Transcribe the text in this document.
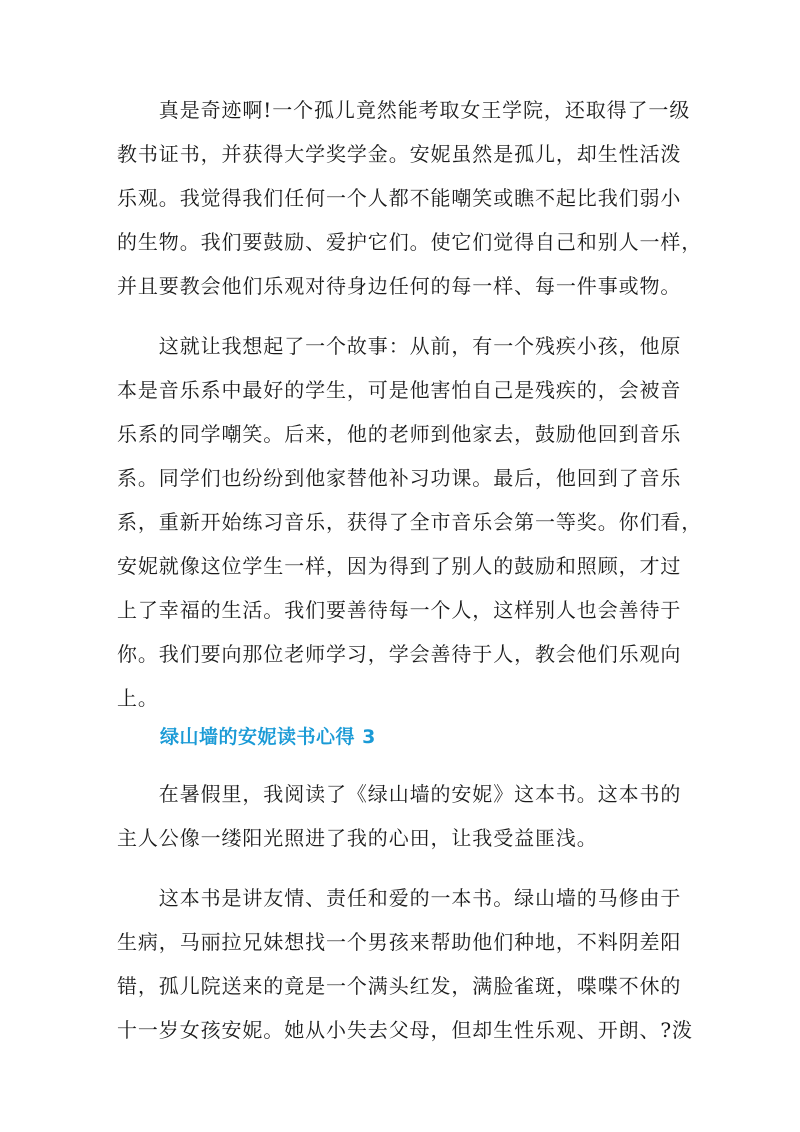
　　真是奇迹啊!一个孤儿竟然能考取女王学院，还取得了一级
教书证书，并获得大学奖学金。安妮虽然是孤儿，却生性活泼
乐观。我觉得我们任何一个人都不能嘲笑或瞧不起比我们弱小
的生物。我们要鼓励、爱护它们。使它们觉得自己和别人一样，
并且要教会他们乐观对待身边任何的每一样、每一件事或物。
　　这就让我想起了一个故事：从前，有一个残疾小孩，他原
本是音乐系中最好的学生，可是他害怕自己是残疾的，会被音
乐系的同学嘲笑。后来，他的老师到他家去，鼓励他回到音乐
系。同学们也纷纷到他家替他补习功课。最后，他回到了音乐
系，重新开始练习音乐，获得了全市音乐会第一等奖。你们看，
安妮就像这位学生一样，因为得到了别人的鼓励和照顾，才过
上了幸福的生活。我们要善待每一个人，这样别人也会善待于
你。我们要向那位老师学习，学会善待于人，教会他们乐观向
上。
绿山墙的安妮读书心得 3
　　在暑假里，我阅读了《绿山墙的安妮》这本书。这本书的
主人公像一缕阳光照进了我的心田，让我受益匪浅。
　　这本书是讲友情、责任和爱的一本书。绿山墙的马修由于
生病，马丽拉兄妹想找一个男孩来帮助他们种地，不料阴差阳
错，孤儿院送来的竟是一个满头红发，满脸雀斑，喋喋不休的
十一岁女孩安妮。她从小失去父母，但却生性乐观、开朗、?泼
